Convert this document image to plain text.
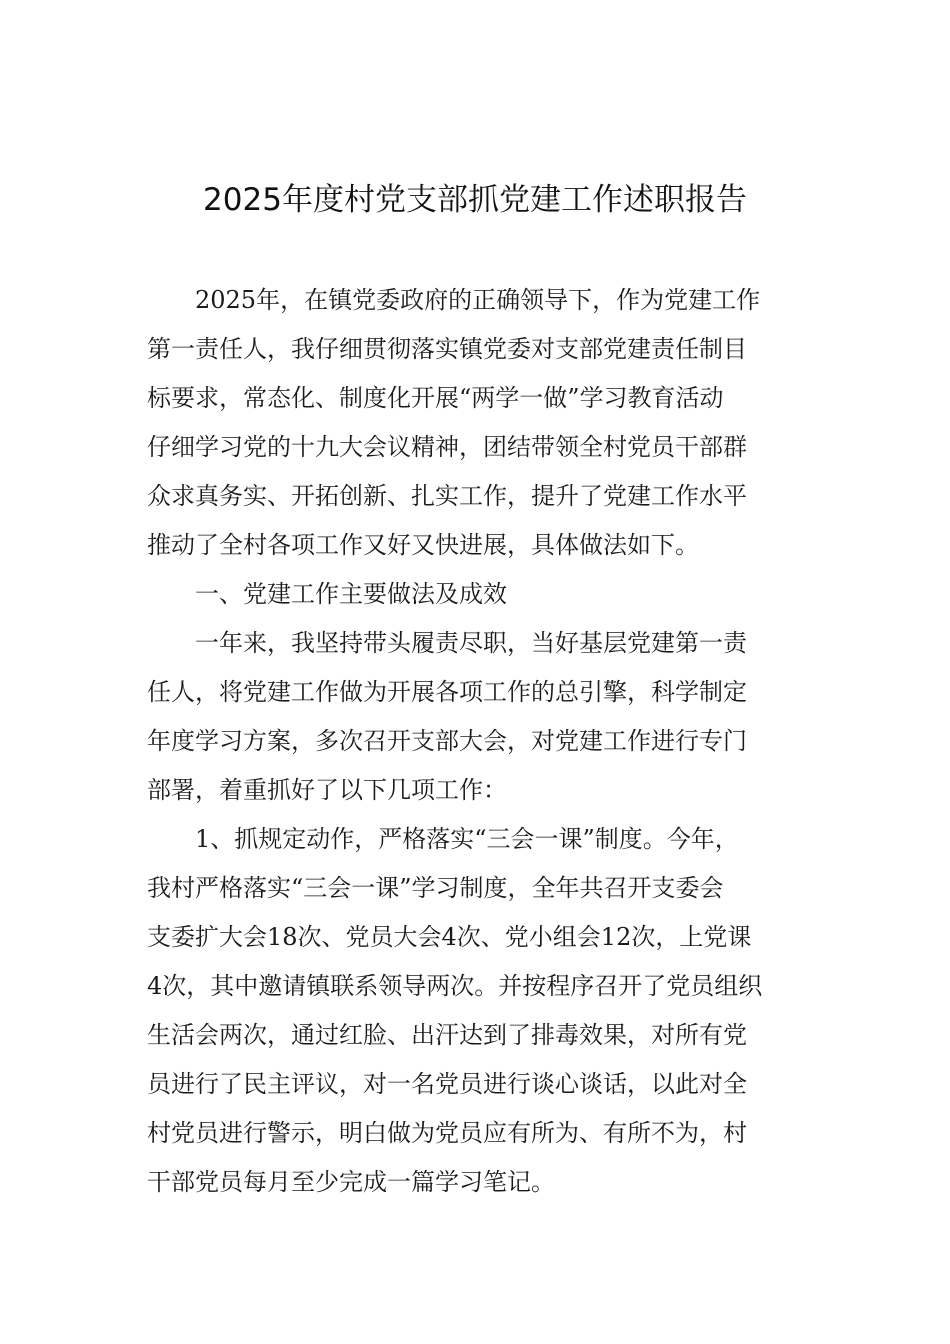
2025年度村党支部抓党建工作述职报告
2025年，在镇党委政府的正确领导下，作为党建工作
第一责任人，我仔细贯彻落实镇党委对支部党建责任制目
标要求，常态化、制度化开展“两学一做”学习教育活动
仔细学习党的十九大会议精神，团结带领全村党员干部群
众求真务实、开拓创新、扎实工作，提升了党建工作水平
推动了全村各项工作又好又快进展，具体做法如下。
一、党建工作主要做法及成效
一年来，我坚持带头履责尽职，当好基层党建第一责
任人，将党建工作做为开展各项工作的总引擎，科学制定
年度学习方案，多次召开支部大会，对党建工作进行专门
部署，着重抓好了以下几项工作：
1、抓规定动作，严格落实“三会一课”制度。今年，
我村严格落实“三会一课”学习制度，全年共召开支委会
支委扩大会18次、党员大会4次、党小组会12次，上党课
4次，其中邀请镇联系领导两次。并按程序召开了党员组织
生活会两次，通过红脸、出汗达到了排毒效果，对所有党
员进行了民主评议，对一名党员进行谈心谈话，以此对全
村党员进行警示，明白做为党员应有所为、有所不为，村
干部党员每月至少完成一篇学习笔记。
